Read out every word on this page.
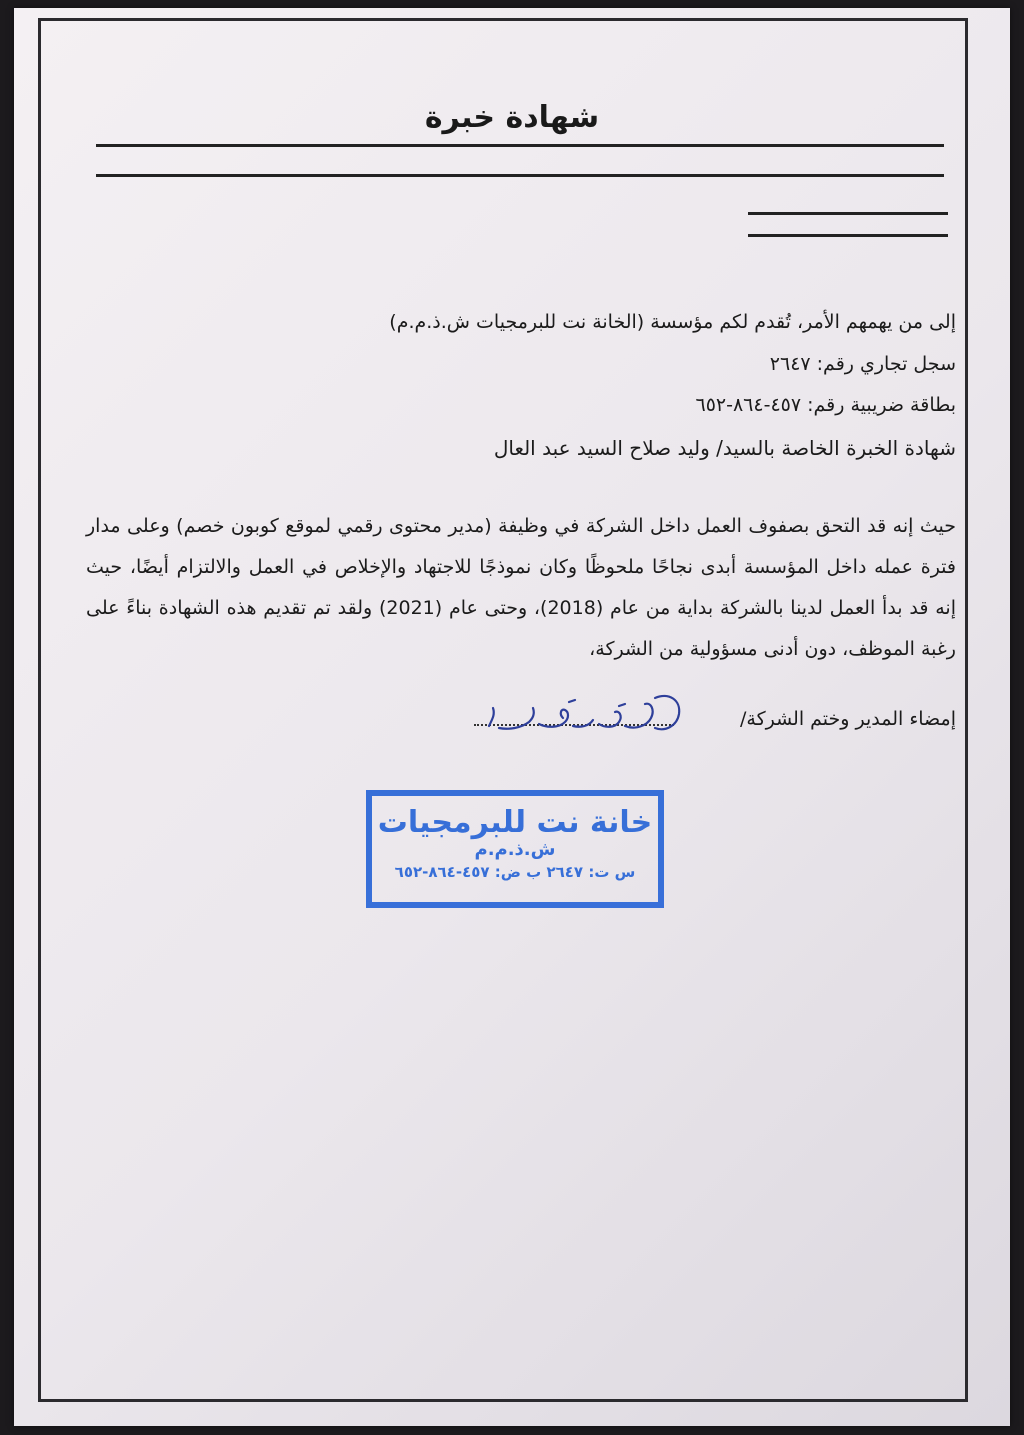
شهادة خبرة
إلى من يهمهم الأمر، تُقدم لكم مؤسسة (الخانة نت للبرمجيات ش.ذ.م.م)
سجل تجاري رقم: ٢٦٤٧
بطاقة ضريبية رقم: ٤٥٧-٨٦٤-٦٥٢
شهادة الخبرة الخاصة بالسيد/ وليد صلاح السيد عبد العال
حيث إنه قد التحق بصفوف العمل داخل الشركة في وظيفة (مدير محتوى رقمي لموقع كوبون خصم) وعلى مدار فترة عمله داخل المؤسسة أبدى نجاحًا ملحوظًا وكان نموذجًا للاجتهاد والإخلاص في العمل والالتزام أيضًا، حيث إنه قد بدأ العمل لدينا بالشركة بداية من عام (2018)، وحتى عام (2021) ولقد تم تقديم هذه الشهادة بناءً على رغبة الموظف، دون أدنى مسؤولية من الشركة،
إمضاء المدير وختم الشركة/
خانة نت للبرمجيات
ش.ذ.م.م
س ت: ٢٦٤٧ ب ض: ٤٥٧-٨٦٤-٦٥٢
